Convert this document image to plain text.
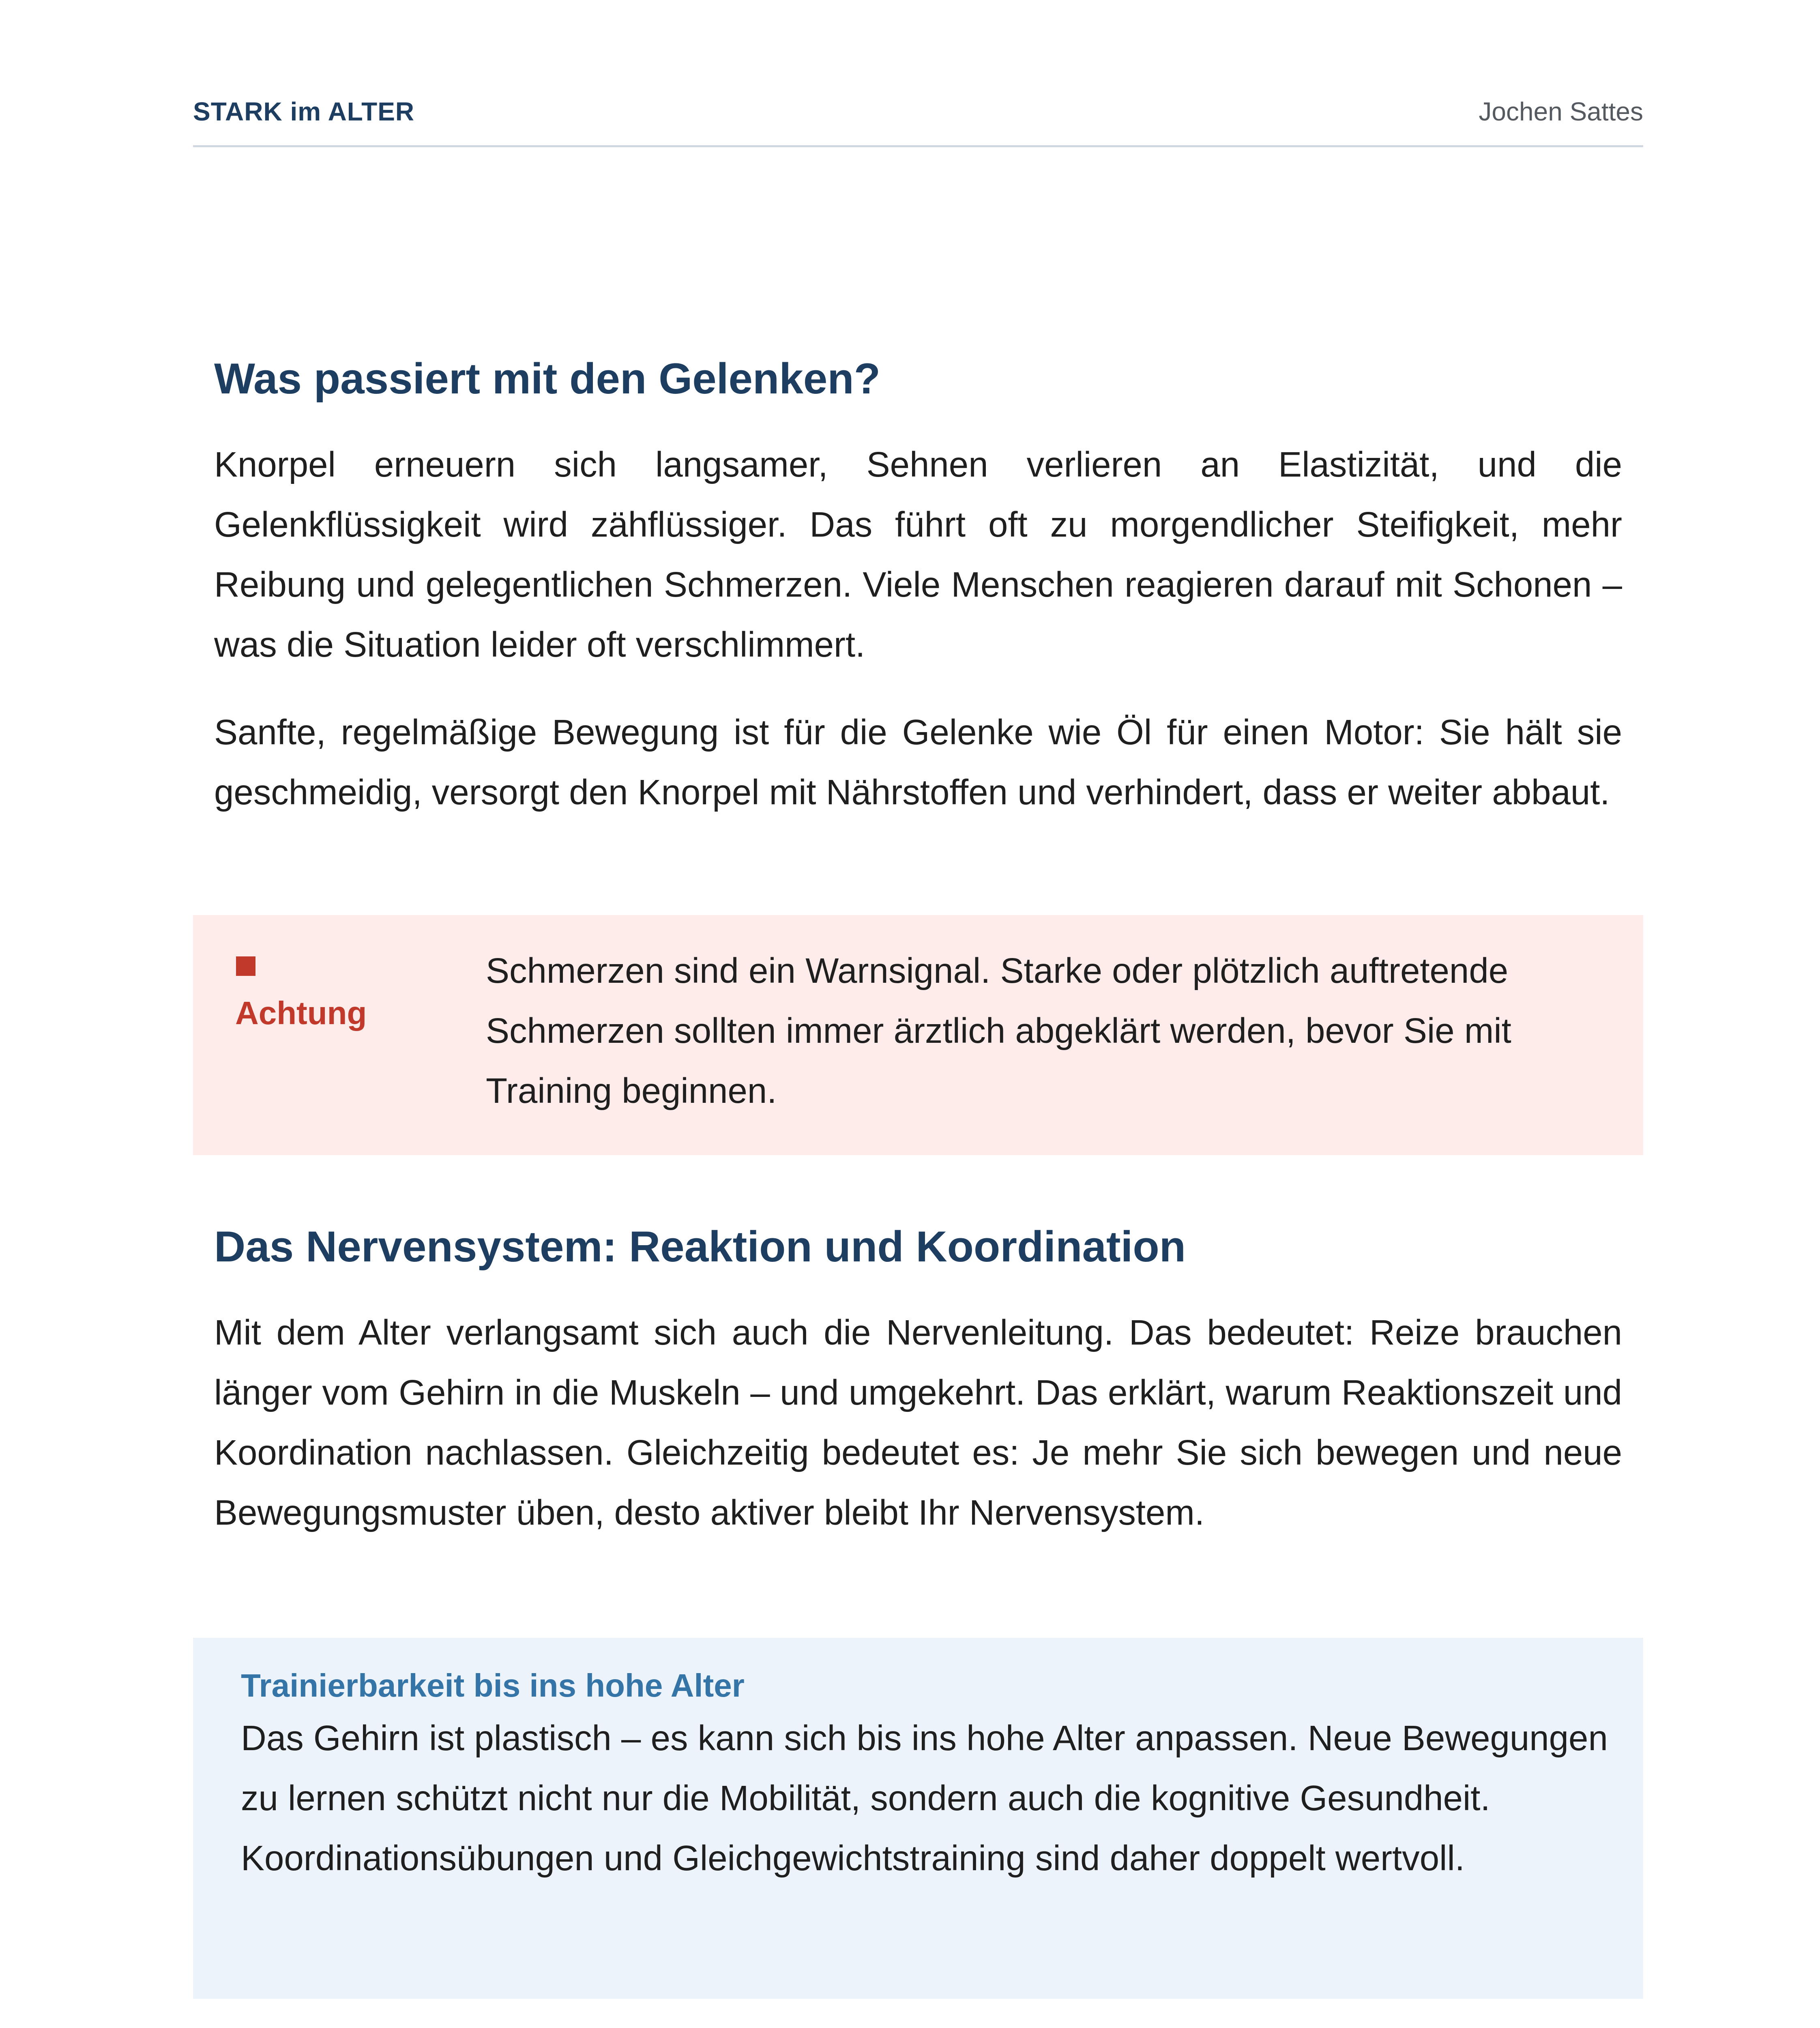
STARK im ALTER	Jochen Sattes
Was passiert mit den Gelenken?

Knorpel erneuern sich langsamer, Sehnen verlieren an Elastizität, und die Gelenkflüssigkeit wird zähflüssiger. Das führt oft zu morgendlicher Steifigkeit, mehr Reibung und gelegentlichen Schmerzen. Viele Menschen reagieren darauf mit Schonen – was die Situation leider oft verschlimmert.

Sanfte, regelmäßige Bewegung ist für die Gelenke wie Öl für einen Motor: Sie hält sie geschmeidig, versorgt den Knorpel mit Nährstoffen und verhindert, dass er weiter abbaut.

Achtung

Schmerzen sind ein Warnsignal. Starke oder plötzlich auftretende Schmerzen sollten immer ärztlich abgeklärt werden, bevor Sie mit Training beginnen.

Das Nervensystem: Reaktion und Koordination

Mit dem Alter verlangsamt sich auch die Nervenleitung. Das bedeutet: Reize brauchen länger vom Gehirn in die Muskeln – und umgekehrt. Das erklärt, warum Reaktionszeit und Koordination nachlassen. Gleichzeitig bedeutet es: Je mehr Sie sich bewegen und neue Bewegungsmuster üben, desto aktiver bleibt Ihr Nervensystem.

Trainierbarkeit bis ins hohe Alter

Das Gehirn ist plastisch – es kann sich bis ins hohe Alter anpassen. Neue Bewegungen zu lernen schützt nicht nur die Mobilität, sondern auch die kognitive Gesundheit. Koordinationsübungen und Gleichgewichtstraining sind daher doppelt wertvoll.
